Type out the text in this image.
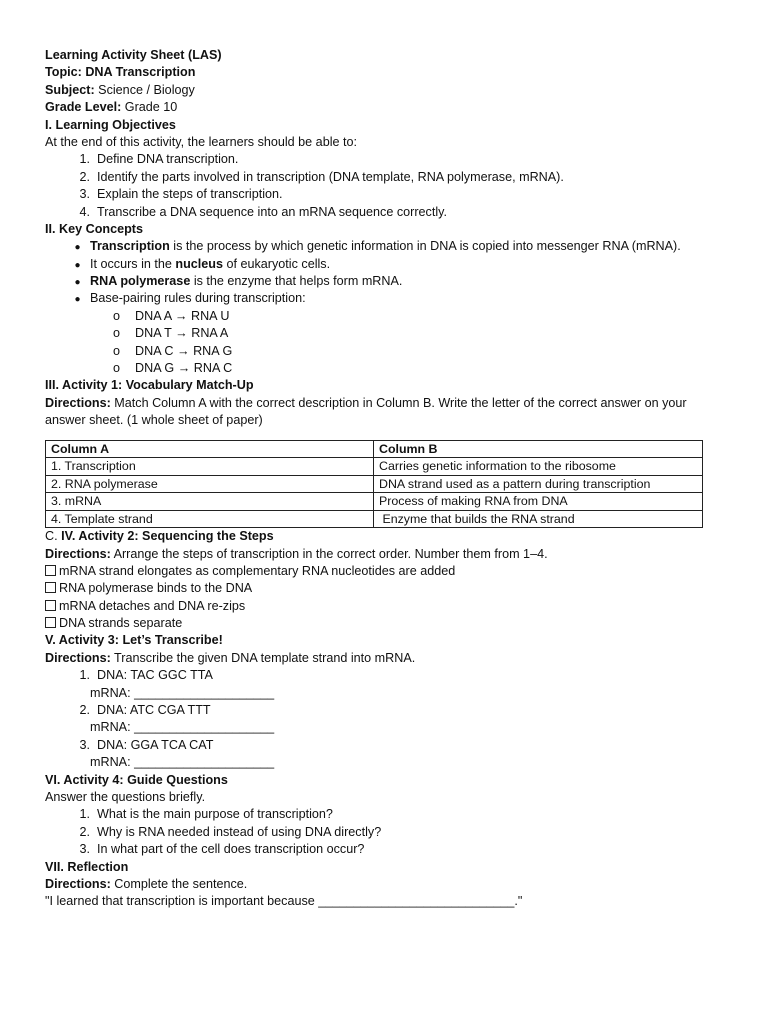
Learning Activity Sheet (LAS)
Topic: DNA Transcription
Subject: Science / Biology
Grade Level: Grade 10
I. Learning Objectives
At the end of this activity, the learners should be able to:
1. Define DNA transcription.
2. Identify the parts involved in transcription (DNA template, RNA polymerase, mRNA).
3. Explain the steps of transcription.
4. Transcribe a DNA sequence into an mRNA sequence correctly.
II. Key Concepts
● Transcription is the process by which genetic information in DNA is copied into messenger RNA (mRNA).
● It occurs in the nucleus of eukaryotic cells.
● RNA polymerase is the enzyme that helps form mRNA.
● Base-pairing rules during transcription:
o DNA A → RNA U
o DNA T → RNA A
o DNA C → RNA G
o DNA G → RNA C
III. Activity 1: Vocabulary Match-Up
Directions: Match Column A with the correct description in Column B. Write the letter of the correct answer on your answer sheet. (1 whole sheet of paper)
Column A	Column B
1. Transcription	Carries genetic information to the ribosome
2. RNA polymerase	DNA strand used as a pattern during transcription
3. mRNA	Process of making RNA from DNA
4. Template strand	Enzyme that builds the RNA strand
C. IV. Activity 2: Sequencing the Steps
Directions: Arrange the steps of transcription in the correct order. Number them from 1–4.
mRNA strand elongates as complementary RNA nucleotides are added
RNA polymerase binds to the DNA
mRNA detaches and DNA re-zips
DNA strands separate
V. Activity 3: Let’s Transcribe!
Directions: Transcribe the given DNA template strand into mRNA.
1. DNA: TAC GGC TTA
mRNA: ____________________
2. DNA: ATC CGA TTT
mRNA: ____________________
3. DNA: GGA TCA CAT
mRNA: ____________________
VI. Activity 4: Guide Questions
Answer the questions briefly.
1. What is the main purpose of transcription?
2. Why is RNA needed instead of using DNA directly?
3. In what part of the cell does transcription occur?
VII. Reflection
Directions: Complete the sentence.
"I learned that transcription is important because ____________________________."
